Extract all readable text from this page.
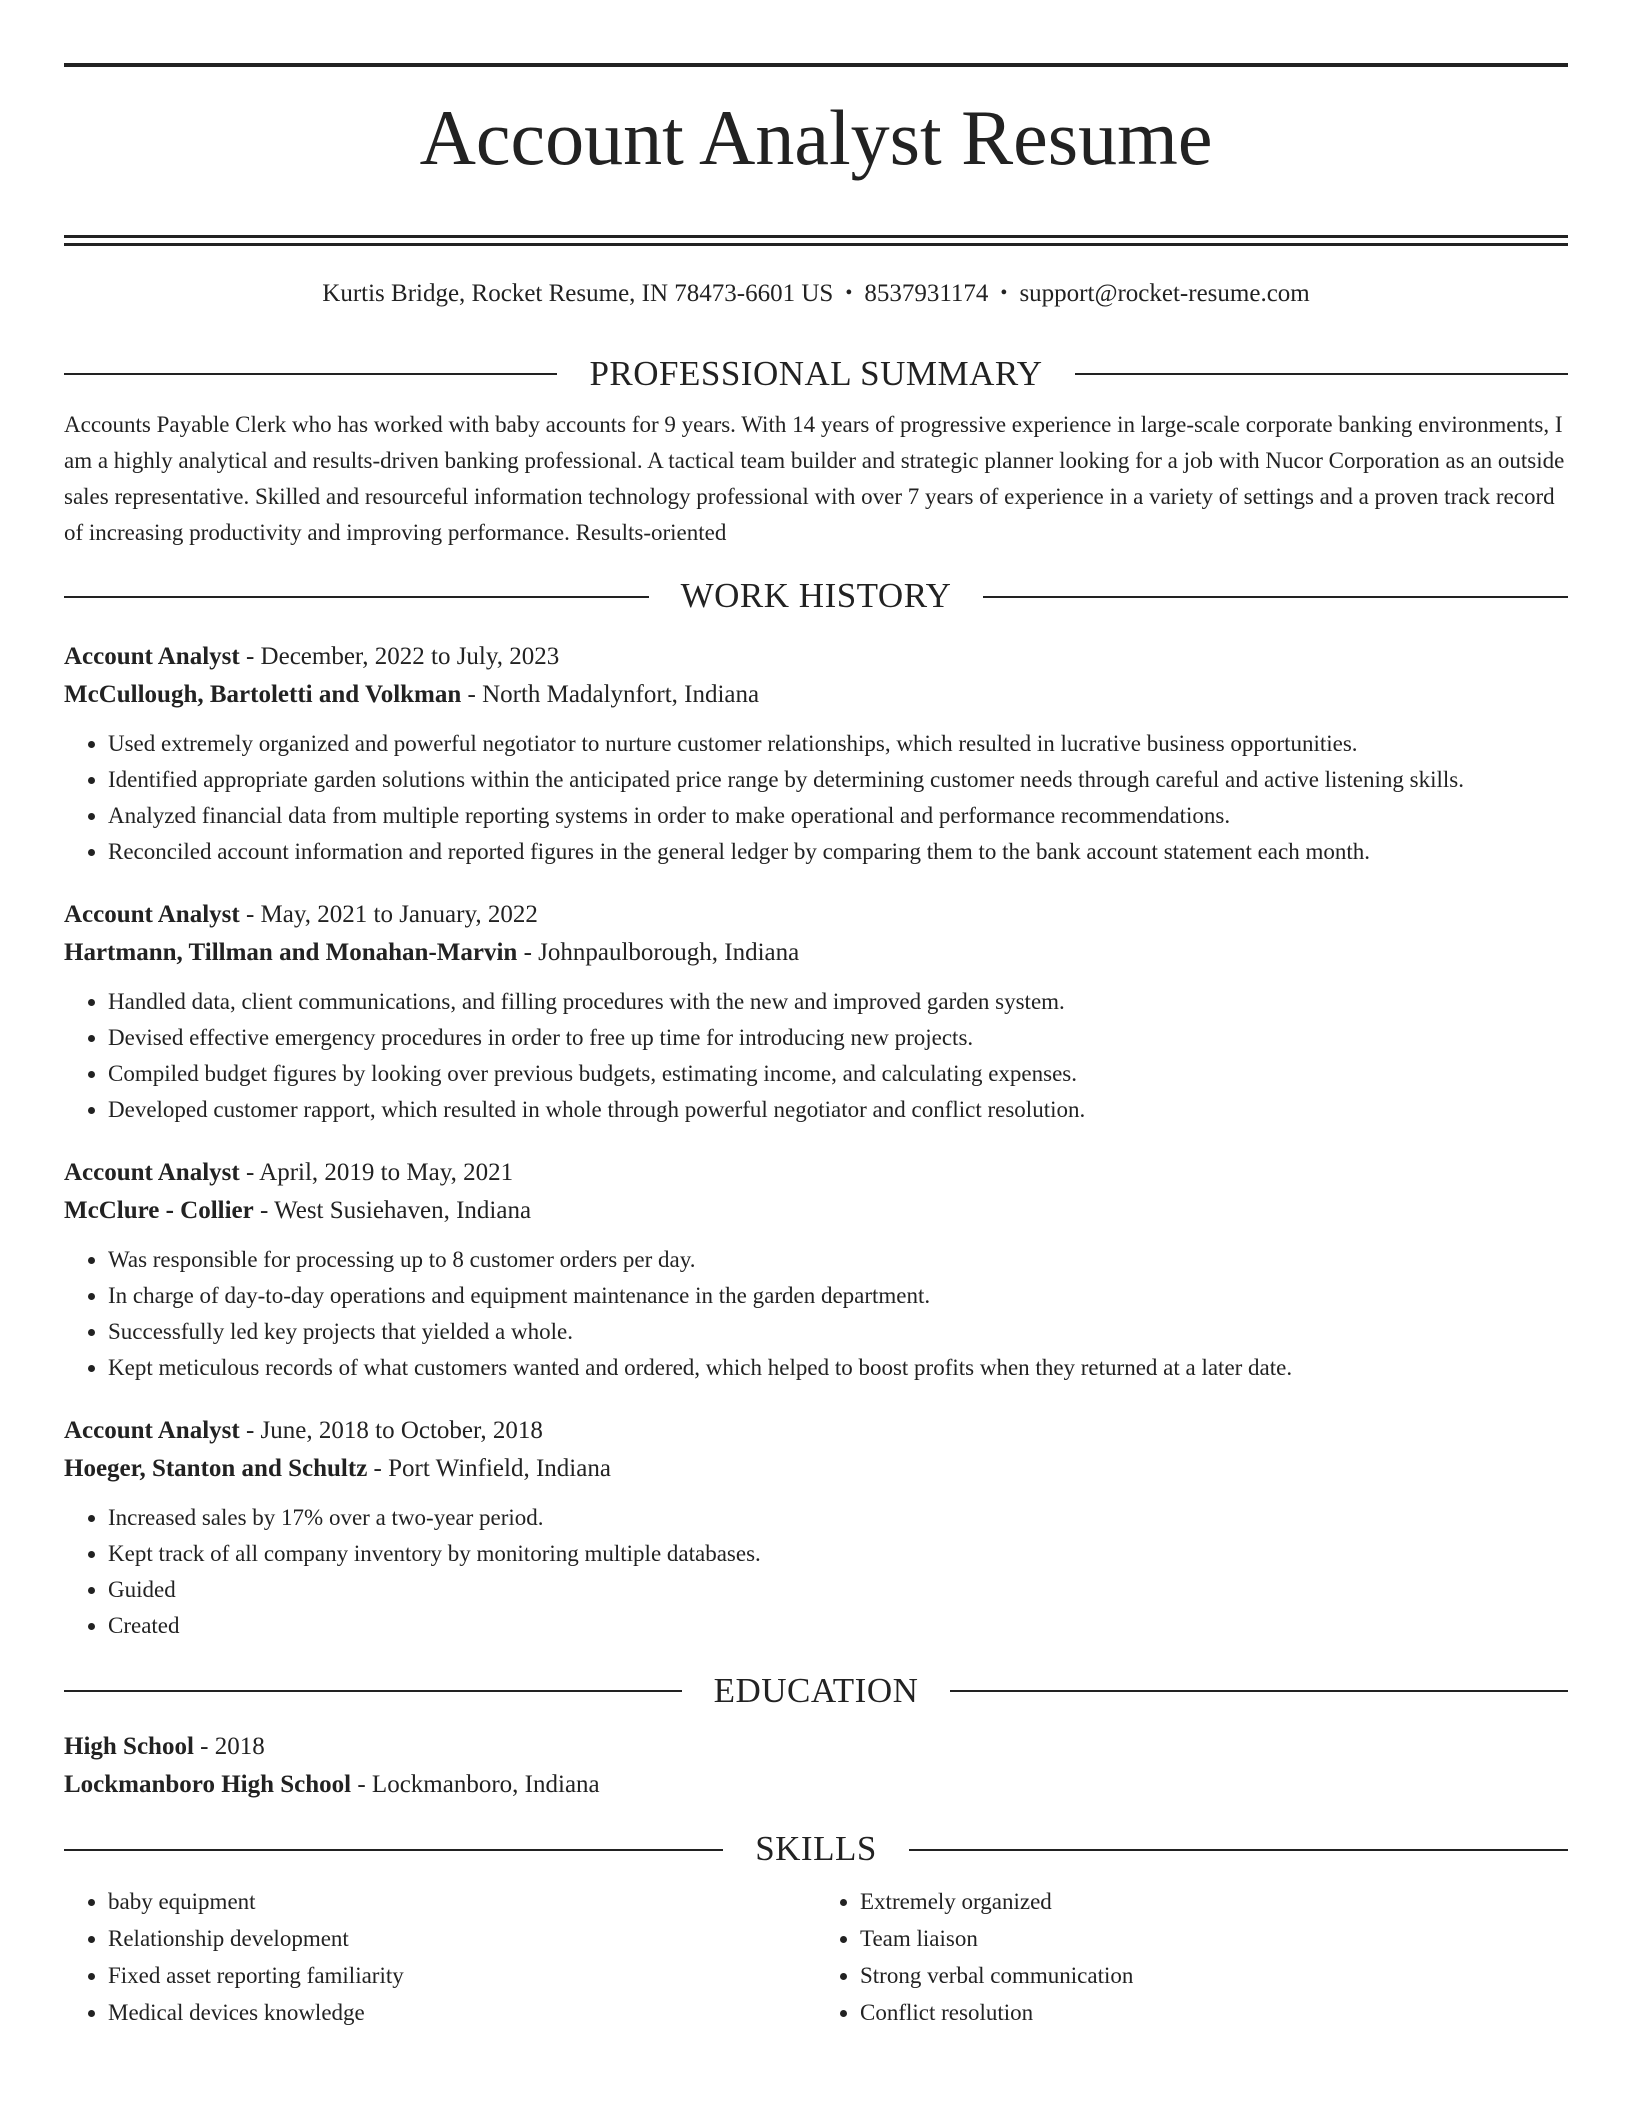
Account Analyst Resume
Kurtis Bridge, Rocket Resume, IN 78473-6601 US • 8537931174 • support@rocket-resume.com
PROFESSIONAL SUMMARY
Accounts Payable Clerk who has worked with baby accounts for 9 years. With 14 years of progressive experience in large-scale corporate banking environments, I am a highly analytical and results-driven banking professional. A tactical team builder and strategic planner looking for a job with Nucor Corporation as an outside sales representative. Skilled and resourceful information technology professional with over 7 years of experience in a variety of settings and a proven track record of increasing productivity and improving performance. Results-oriented
WORK HISTORY
Account Analyst - December, 2022 to July, 2023
McCullough, Bartoletti and Volkman - North Madalynfort, Indiana
• Used extremely organized and powerful negotiator to nurture customer relationships, which resulted in lucrative business opportunities.
• Identified appropriate garden solutions within the anticipated price range by determining customer needs through careful and active listening skills.
• Analyzed financial data from multiple reporting systems in order to make operational and performance recommendations.
• Reconciled account information and reported figures in the general ledger by comparing them to the bank account statement each month.
Account Analyst - May, 2021 to January, 2022
Hartmann, Tillman and Monahan-Marvin - Johnpaulborough, Indiana
• Handled data, client communications, and filling procedures with the new and improved garden system.
• Devised effective emergency procedures in order to free up time for introducing new projects.
• Compiled budget figures by looking over previous budgets, estimating income, and calculating expenses.
• Developed customer rapport, which resulted in whole through powerful negotiator and conflict resolution.
Account Analyst - April, 2019 to May, 2021
McClure - Collier - West Susiehaven, Indiana
• Was responsible for processing up to 8 customer orders per day.
• In charge of day-to-day operations and equipment maintenance in the garden department.
• Successfully led key projects that yielded a whole.
• Kept meticulous records of what customers wanted and ordered, which helped to boost profits when they returned at a later date.
Account Analyst - June, 2018 to October, 2018
Hoeger, Stanton and Schultz - Port Winfield, Indiana
• Increased sales by 17% over a two-year period.
• Kept track of all company inventory by monitoring multiple databases.
• Guided
• Created
EDUCATION
High School - 2018
Lockmanboro High School - Lockmanboro, Indiana
SKILLS
• baby equipment
• Relationship development
• Fixed asset reporting familiarity
• Medical devices knowledge
• Extremely organized
• Team liaison
• Strong verbal communication
• Conflict resolution
